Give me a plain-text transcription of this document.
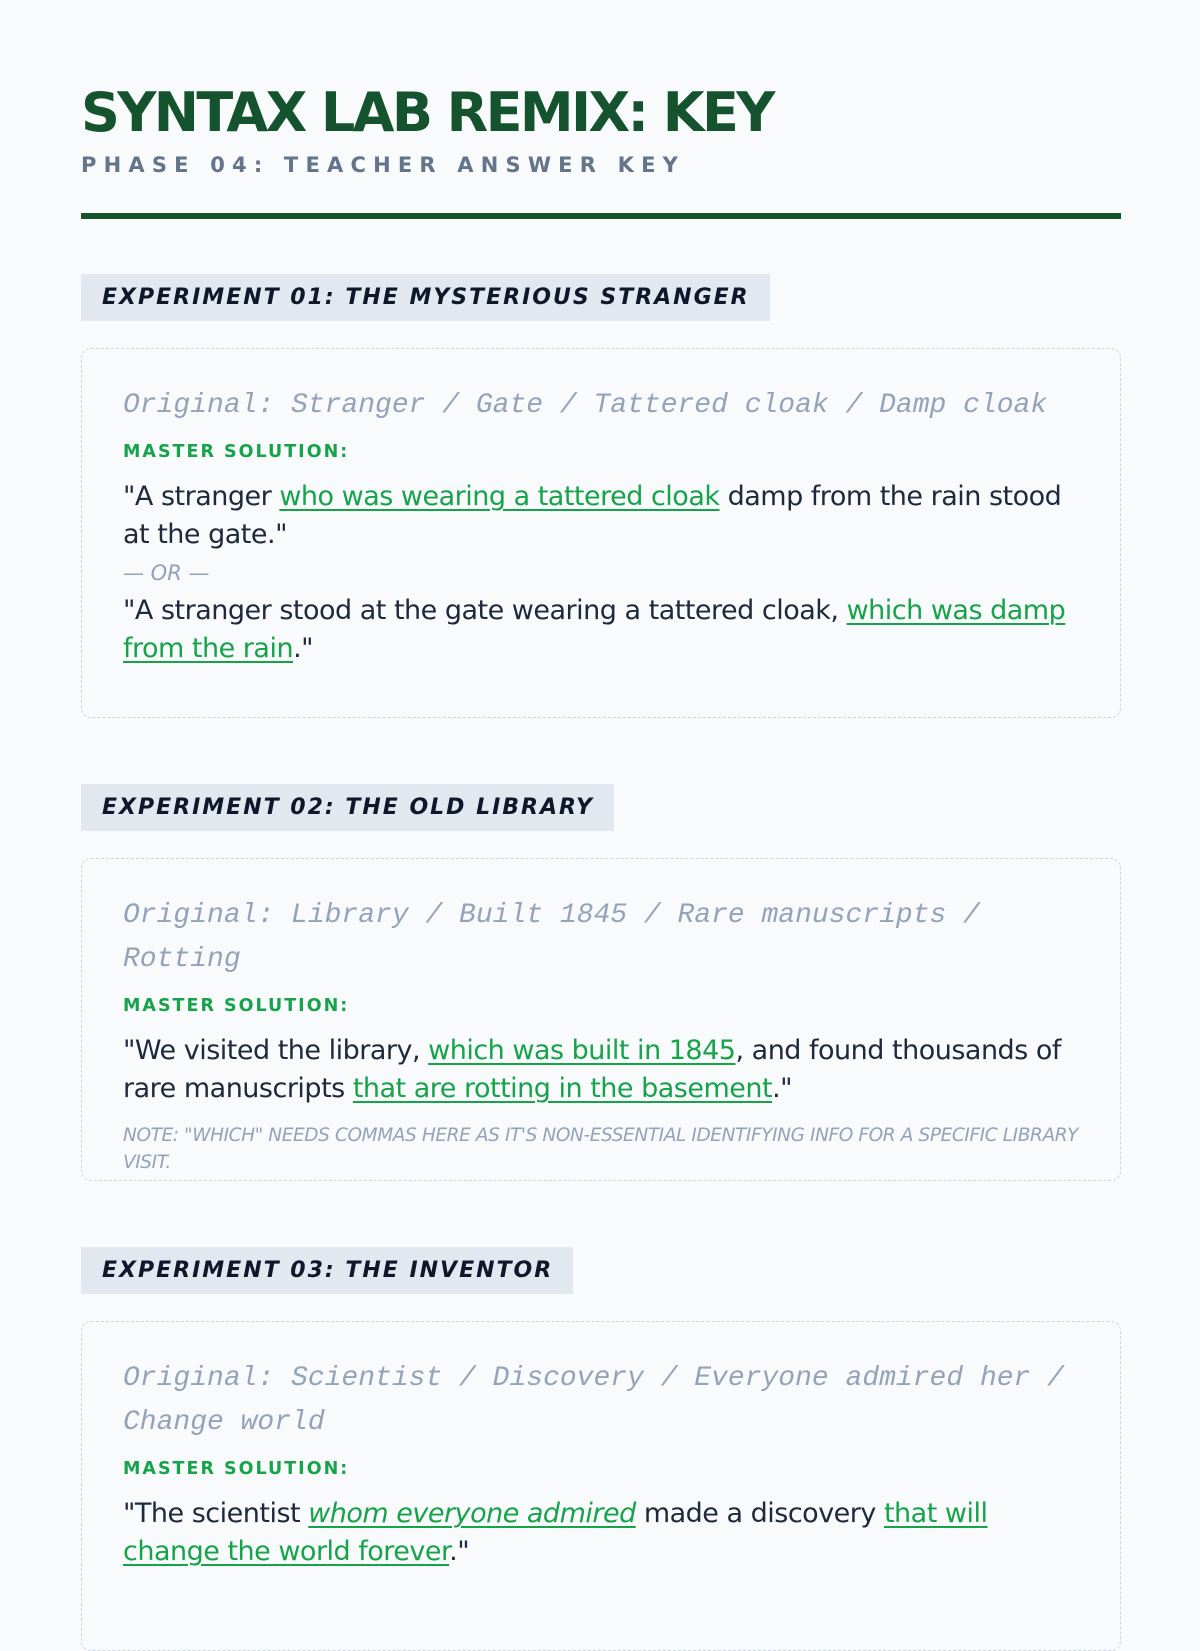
SYNTAX LAB REMIX: KEY
PHASE 04: TEACHER ANSWER KEY
EXPERIMENT 01: THE MYSTERIOUS STRANGER
Original: Stranger / Gate / Tattered cloak / Damp cloak
MASTER SOLUTION:
"A stranger who was wearing a tattered cloak damp from the rain stood at the gate."
— OR —
"A stranger stood at the gate wearing a tattered cloak, which was damp from the rain."
EXPERIMENT 02: THE OLD LIBRARY
Original: Library / Built 1845 / Rare manuscripts / Rotting
MASTER SOLUTION:
"We visited the library, which was built in 1845, and found thousands of rare manuscripts that are rotting in the basement."
NOTE: "WHICH" NEEDS COMMAS HERE AS IT'S NON-ESSENTIAL IDENTIFYING INFO FOR A SPECIFIC LIBRARY VISIT.
EXPERIMENT 03: THE INVENTOR
Original: Scientist / Discovery / Everyone admired her / Change world
MASTER SOLUTION:
"The scientist whom everyone admired made a discovery that will change the world forever."
